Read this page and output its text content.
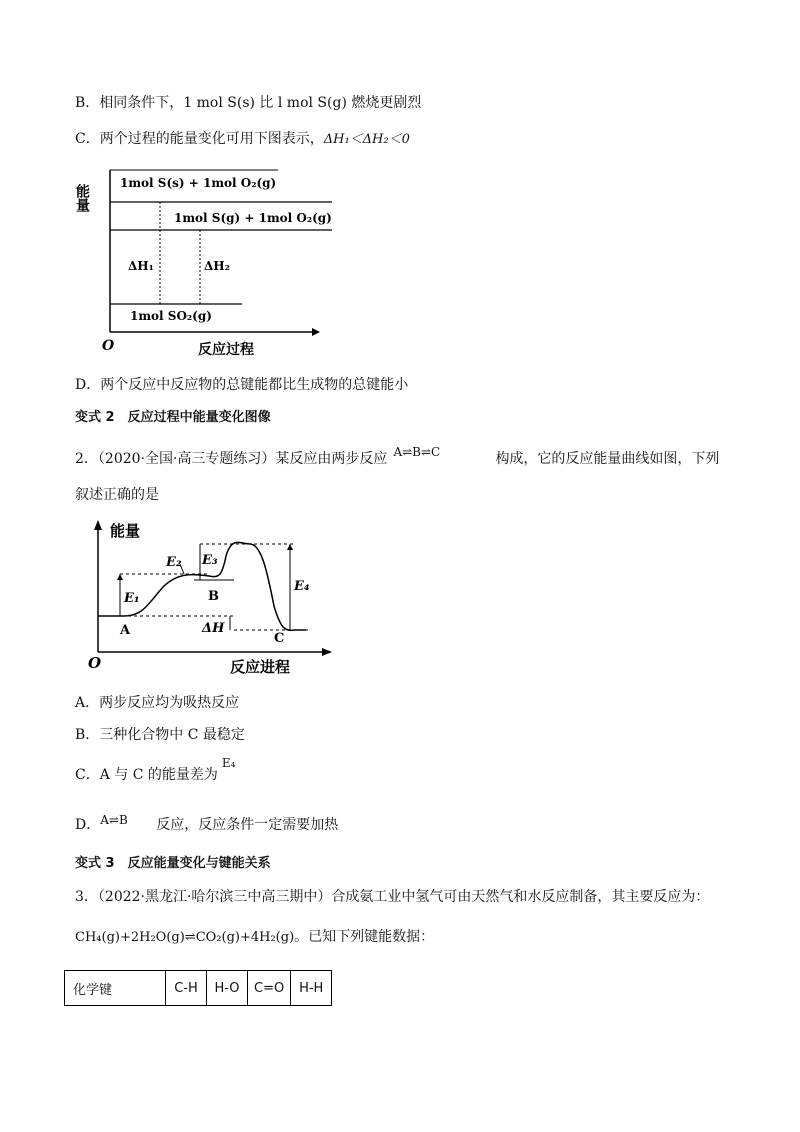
B．相同条件下，1 mol S(s) 比 l mol S(g) 燃烧更剧烈
C．两个过程的能量变化可用下图表示，ΔH₁＜ΔH₂＜0
能量
O	反应过程
1mol S(s) + 1mol O₂(g)
1mol S(g) + 1mol O₂(g)
1mol SO₂(g)
ΔH₁	ΔH₂
D．两个反应中反应物的总键能都比生成物的总键能小
变式 2　反应过程中能量变化图像
2．（2020·全国·高三专题练习）某反应由两步反应 A⇌B⇌C	构成，它的反应能量曲线如图，下列
叙述正确的是
能量
O	反应进程
E₁
E₂ E₃
E₄
A
B
C
ΔH
A．两步反应均为吸热反应
B．三种化合物中 C 最稳定
C．A 与 C 的能量差为E₄
D． A⇌B 反应，反应条件一定需要加热
变式 3　反应能量变化与键能关系
3．（2022·黑龙江·哈尔滨三中高三期中）合成氨工业中氢气可由天然气和水反应制备，其主要反应为：
CH₄(g)+2H₂O(g)⇌CO₂(g)+4H₂(g)。已知下列键能数据：
化学键	C-H	H-O	C=O	H-H
